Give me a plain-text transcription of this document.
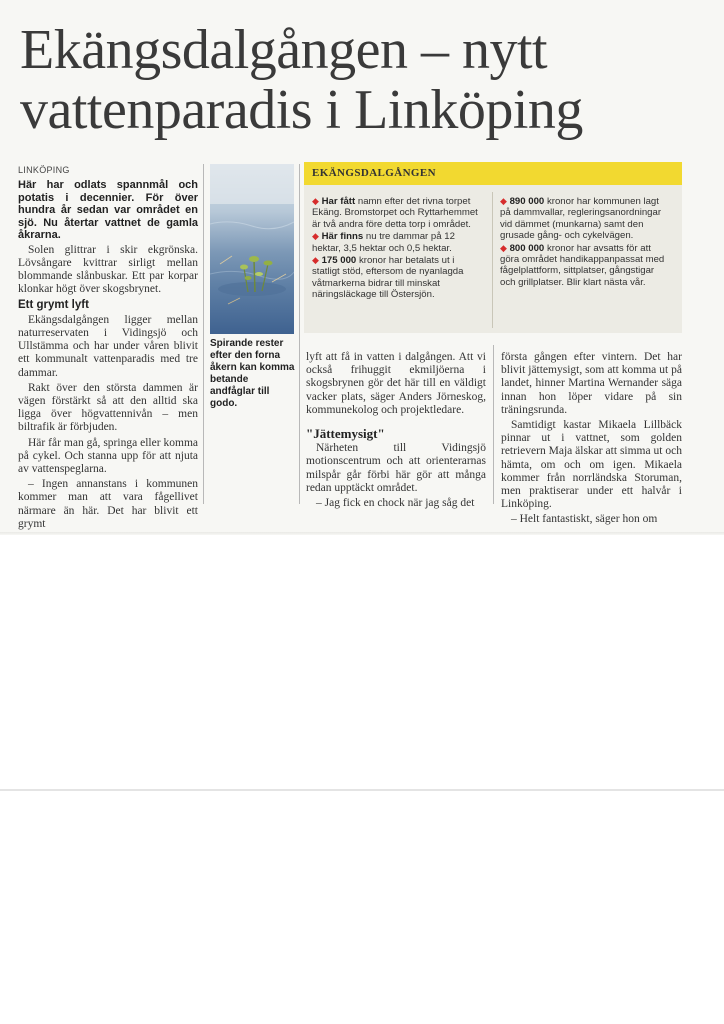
Ekängsdalgången – nytt vattenparadis i Linköping

LINKÖPING

Här har odlats spannmål och potatis i decennier. För över hundra år sedan var området en sjö. Nu återtar vattnet de gamla åkrarna.

Solen glittrar i skir ekgrönska. Lövsångare kvittrar sirligt mellan blommande slånbuskar. Ett par korpar klonkar högt över skogsbrynet.

Ett grymt lyft

Ekängsdalgången ligger mellan naturreservaten i Vidingsjö och Ullstämma och har under våren blivit ett kommunalt vattenparadis med tre dammar.

Rakt över den största dammen är vägen förstärkt så att den alltid ska ligga över högvattennivån – men biltrafik är förbjuden.

Här får man gå, springa eller komma på cykel. Och stanna upp för att njuta av vattenspeglarna.

– Ingen annanstans i kommunen kommer man att vara fågellivet närmare än här. Det har blivit ett grymt

Spirande rester efter den forna åkern kan komma betande andfåglar till godo.

EKÄNGSDALGÅNGEN

◆ Har fått namn efter det rivna torpet Ekäng. Bromstorpet och Ryttarhemmet är två andra före detta torp i området.

◆ Här finns nu tre dammar på 12 hektar, 3,5 hektar och 0,5 hektar.

◆ 175 000 kronor har betalats ut i statligt stöd, eftersom de nyanlagda våtmarkerna bidrar till minskat näringsläckage till Östersjön.

◆ 890 000 kronor har kommunen lagt på dammvallar, regleringsanordningar vid dämmet (munkarna) samt den grusade gång- och cykelvägen.

◆ 800 000 kronor har avsatts för att göra området handikappanpassat med fågelplattform, sittplatser, gångstigar och grillplatser. Blir klart nästa vår.

lyft att få in vatten i dalgången. Att vi också frihuggit ekmiljöerna i skogsbrynen gör det här till en väldigt vacker plats, säger Anders Jörneskog, kommunekolog och projektledare.

"Jättemysigt"

Närheten till Vidingsjö motionscentrum och att orienterarnas milspår går förbi här gör att många redan upptäckt området.

– Jag fick en chock när jag såg det

första gången efter vintern. Det har blivit jättemysigt, som att komma ut på landet, hinner Martina Wernander säga innan hon löper vidare på sin träningsrunda.

Samtidigt kastar Mikaela Lillbäck pinnar ut i vattnet, som golden retrievern Maja älskar att simma ut och hämta, om och om igen. Mikaela kommer från norrländska Storuman, men praktiserar under ett halvår i Linköping.

– Helt fantastiskt, säger hon om
